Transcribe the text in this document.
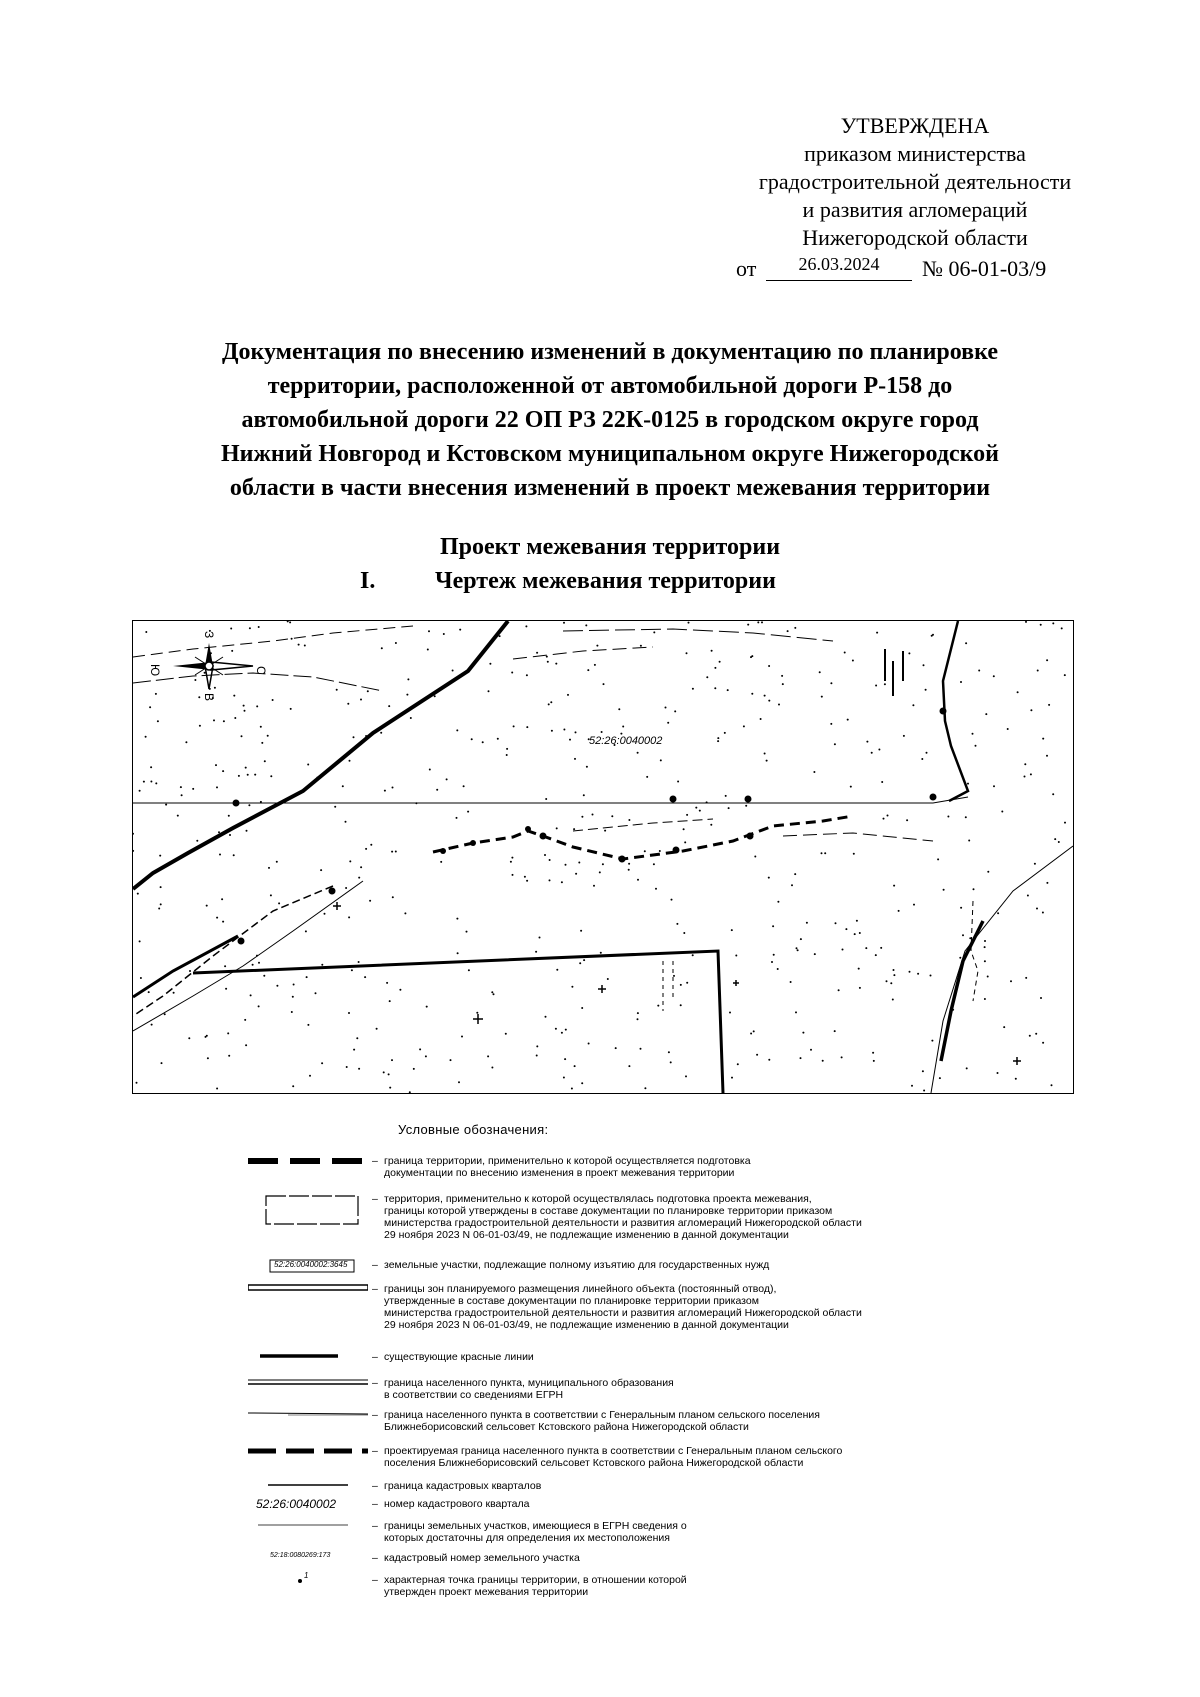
УТВЕРЖДЕНА
приказом министерства
градостроительной деятельности
и развития агломераций
Нижегородской области
от	26.03.2024	№ 06-01-03/9
Документация по внесению изменений в документацию по планировке
территории, расположенной от автомобильной дороги Р-158 до
автомобильной дороги 22 ОП РЗ 22К-0125 в городском округе город
Нижний Новгород и Кстовском муниципальном округе Нижегородской
области в части внесения изменений в проект межевания территории
Проект межевания территории
I. Чертеж межевания территории
С
Ю
З
В
52:26:0040002
Условные обозначения:
– граница территории, применительно к которой осуществляется подготовка
документации по внесению изменения в проект межевания территории
– территория, применительно к которой осуществлялась подготовка проекта межевания,
границы которой утверждены в составе документации по планировке территории приказом
министерства градостроительной деятельности и развития агломераций Нижегородской области
29 ноября 2023 N 06-01-03/49, не подлежащие изменению в данной документации
52:26:0040002:3645 – земельные участки, подлежащие полному изъятию для государственных нужд
– границы зон планируемого размещения линейного объекта (постоянный отвод),
утвержденные в составе документации по планировке территории приказом
министерства градостроительной деятельности и развития агломераций Нижегородской области
29 ноября 2023 N 06-01-03/49, не подлежащие изменению в данной документации
– существующие красные линии
– граница населенного пункта, муниципального образования
в соответствии со сведениями ЕГРН
– граница населенного пункта в соответствии с Генеральным планом сельского поселения
Ближнеборисовский сельсовет Кстовского района Нижегородской области
– проектируемая граница населенного пункта в соответствии с Генеральным планом сельского
поселения Ближнеборисовский сельсовет Кстовского района Нижегородской области
– граница кадастровых кварталов
52:26:0040002	– номер кадастрового квартала
– границы земельных участков, имеющиеся в ЕГРН сведения о
которых достаточны для определения их местоположения
52:18:0080269:173	– кадастровый номер земельного участка
1	– характерная точка границы территории, в отношении которой
утвержден проект межевания территории
